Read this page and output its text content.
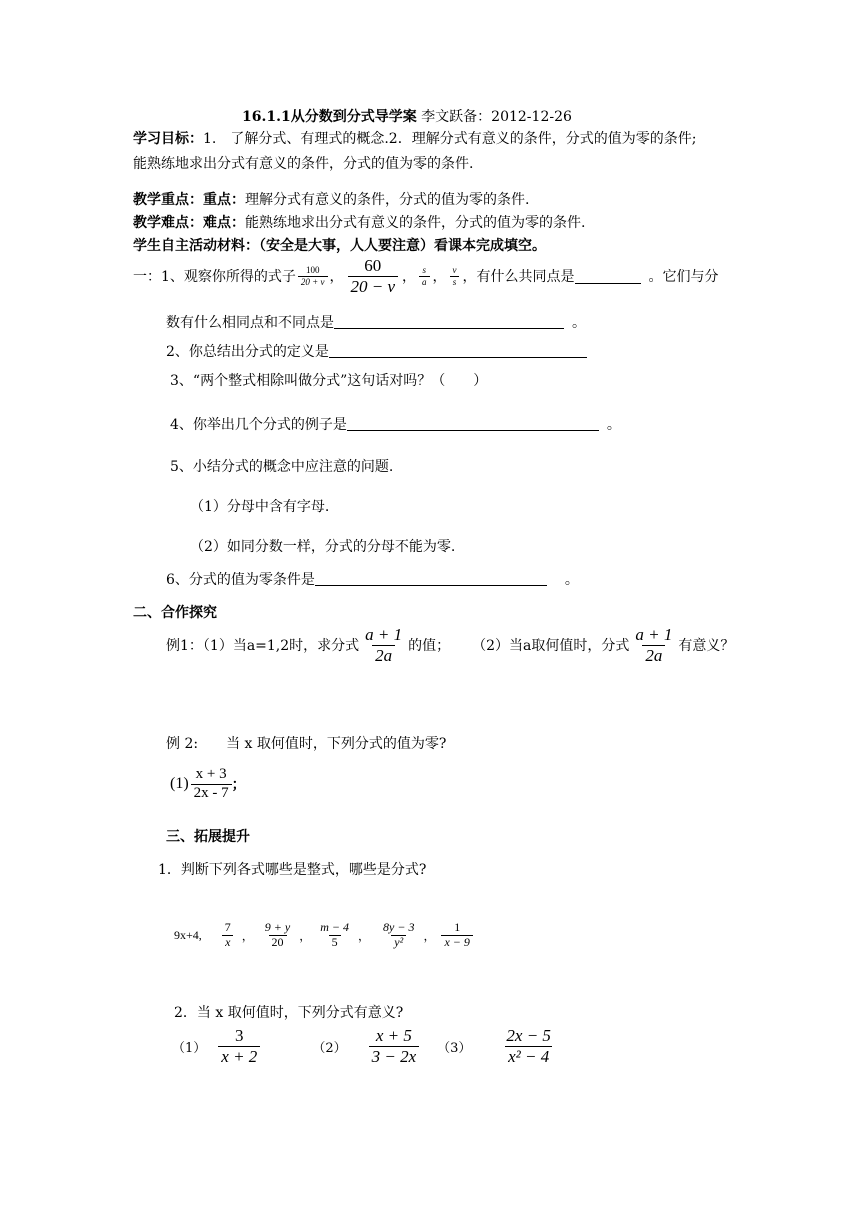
16.1.1从分数到分式导学案 李文跃备：2012-12-26
学习目标：1.　了解分式、有理式的概念.2．理解分式有意义的条件，分式的值为零的条件;
能熟练地求出分式有意义的条件，分式的值为零的条件.
教学重点：重点：理解分式有意义的条件，分式的值为零的条件.
教学难点：难点：能熟练地求出分式有意义的条件，分式的值为零的条件.
学生自主活动材料：（安全是大事，人人要注意）看课本完成填空。
一：1、观察你所得的式子 $\frac{100}{20 + v}$ ， $\frac{60}{20 - v}$ ， $\frac{s}{a}$ ， $\frac{v}{s}$ ，有什么共同点是	。它们与分
数有什么相同点和不同点是	。
2、你总结出分式的定义是
3、“两个整式相除叫做分式”这句话对吗？（　　）
4、你举出几个分式的例子是	。
5、小结分式的概念中应注意的问题.
（1）分母中含有字母.
（2）如同分数一样，分式的分母不能为零.
6、分式的值为零条件是	。
二、合作探究
例1：（1）当a=1,2时，求分式 $\frac{a + 1}{2a}$ 的值； （2）当a取何值时，分式 $\frac{a + 1}{2a}$ 有意义？
例 2:　　当 x 取何值时，下列分式的值为零?
$(1) \frac{x + 3}{2x - 7}$ ；
三、拓展提升
1．判断下列各式哪些是整式，哪些是分式?
9x+4, $\frac{7}{x}$ ， $\frac{9 + y}{20}$ ， $\frac{m - 4}{5}$ ， $\frac{8y - 3}{\text{y²}}$ ， $\frac{1}{x - 9}$
2．当 x 取何值时，下列分式有意义?
$(1) \frac{3}{x + 2}$	$(2) \frac{x + 5}{3 - 2x} (3) \frac{2x - 5}{\text{x² − 4}}$
